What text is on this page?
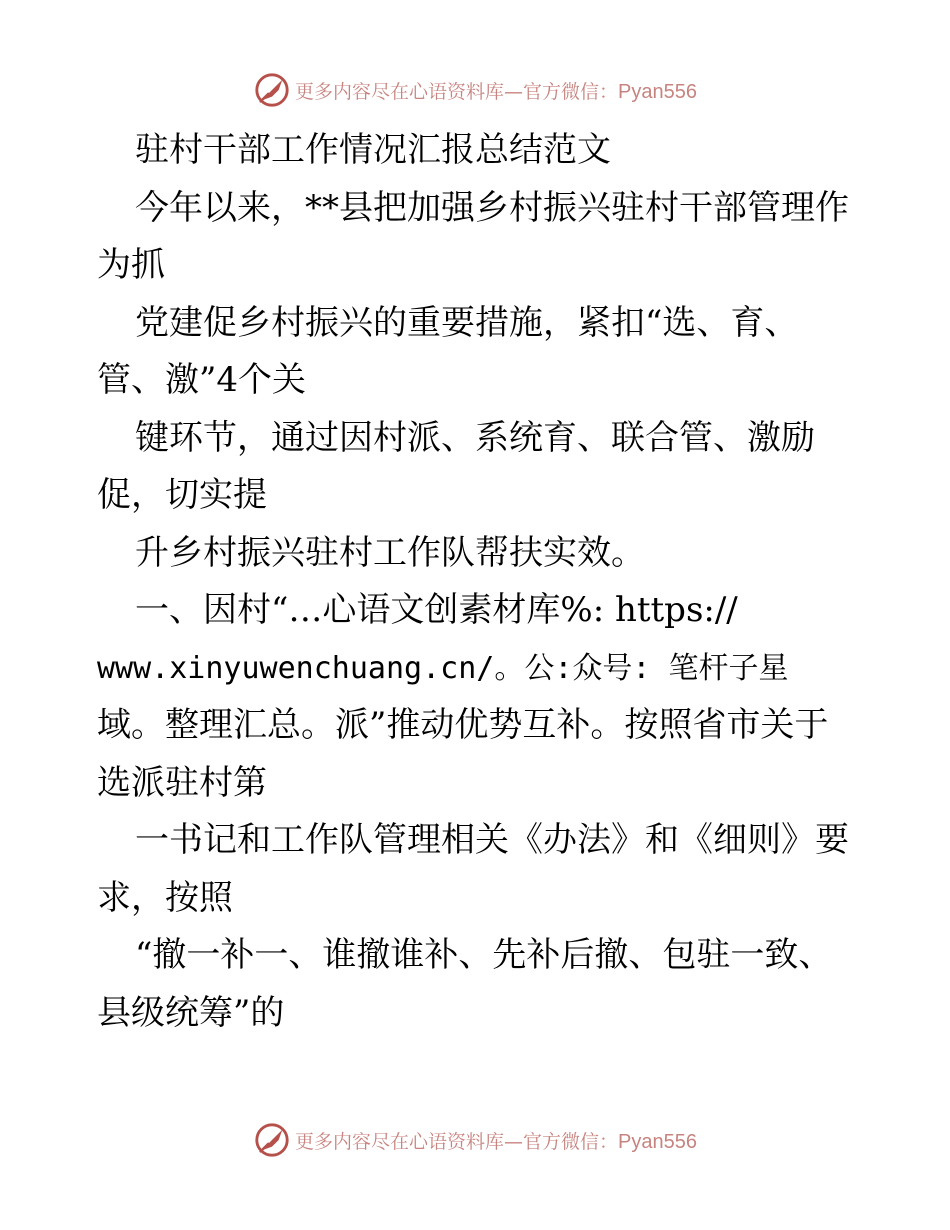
更多内容尽在心语资料库—官方微信：Pyan556
驻村干部工作情况汇报总结范文
今年以来，**县把加强乡村振兴驻村干部管理作
为抓
党建促乡村振兴的重要措施，紧扣“选、育、
管、激”4个关
键环节，通过因村派、系统育、联合管、激励
促，切实提
升乡村振兴驻村工作队帮扶实效。
一、因村“…心语文创素材库%: https://
www.xinyuwenchuang.cn/。公:众号: 笔杆子星
域。整理汇总。派”推动优势互补。按照省市关于
选派驻村第
一书记和工作队管理相关《办法》和《细则》要
求，按照
“撤一补一、谁撤谁补、先补后撤、包驻一致、
县级统筹”的
更多内容尽在心语资料库—官方微信：Pyan556
